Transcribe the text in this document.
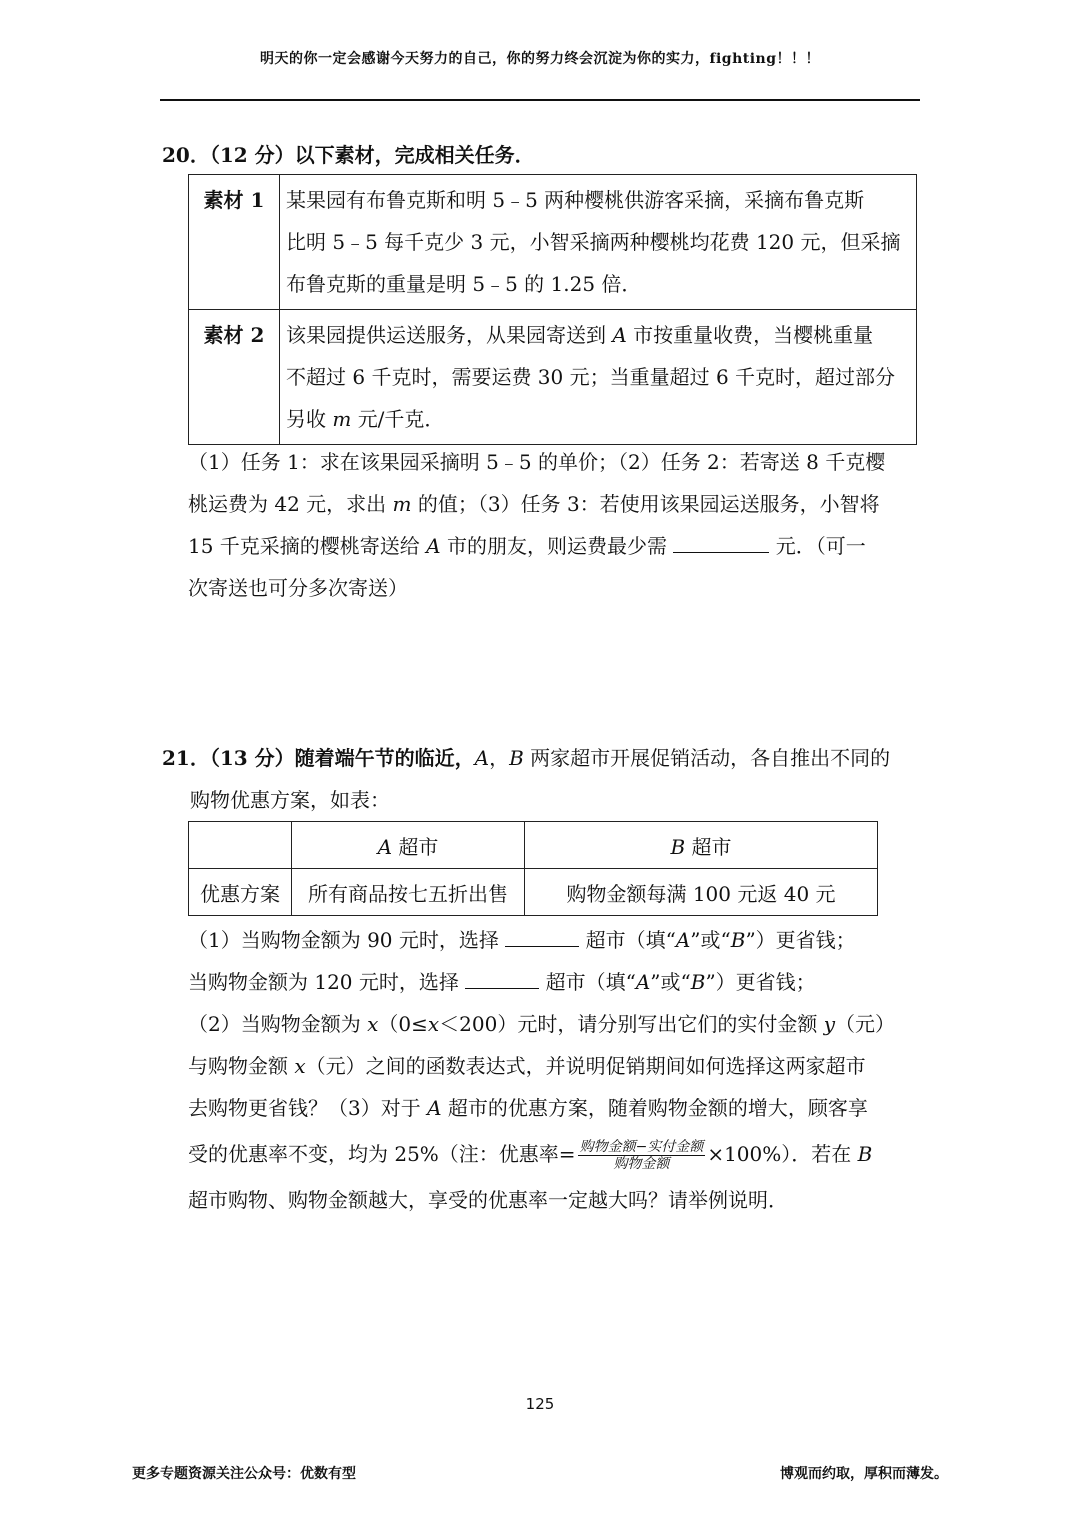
明天的你一定会感谢今天努力的自己，你的努力终会沉淀为你的实力，fighting！！！
20．（12 分）以下素材，完成相关任务．
素材 1	某果园有布鲁克斯和明 5﹣5 两种樱桃供游客采摘，采摘布鲁克斯
比明 5﹣5 每千克少 3 元，小智采摘两种樱桃均花费 120 元，但采摘
布鲁克斯的重量是明 5﹣5 的 1.25 倍．

素材 2	该果园提供运送服务，从果园寄送到 A 市按重量收费，当樱桃重量
不超过 6 千克时，需要运费 30 元；当重量超过 6 千克时，超过部分
另收 m 元/千克．
（1）任务 1：求在该果园采摘明 5﹣5 的单价；（2）任务 2：若寄送 8 千克樱
桃运费为 42 元，求出 m 的值；（3）任务 3：若使用该果园运送服务，小智将
15 千克采摘的樱桃寄送给 A 市的朋友，则运费最少需	元．（可一
次寄送也可分多次寄送）
21．（13 分）随着端午节的临近，A，B 两家超市开展促销活动，各自推出不同的
购物优惠方案，如表：
	A 超市	B 超市
优惠方案	所有商品按七五折出售	购物金额每满 100 元返 40 元
（1）当购物金额为 90 元时，选择	超市（填“A”或“B”）更省钱；
当购物金额为 120 元时，选择	超市（填“A”或“B”）更省钱；
（2）当购物金额为 x（0≤x＜200）元时，请分别写出它们的实付金额 y（元）
与购物金额 x（元）之间的函数表达式，并说明促销期间如何选择这两家超市
去购物更省钱？（3）对于 A 超市的优惠方案，随着购物金额的增大，顾客享
受的优惠率不变，均为 25%（注：优惠率= $\frac{\text{购物金额−实付金额}}{\text{购物金额}} \times 100\%$）．若在 B
超市购物、购物金额越大，享受的优惠率一定越大吗？请举例说明．
125
更多专题资源关注公众号：优数有型	博观而约取，厚积而薄发。
